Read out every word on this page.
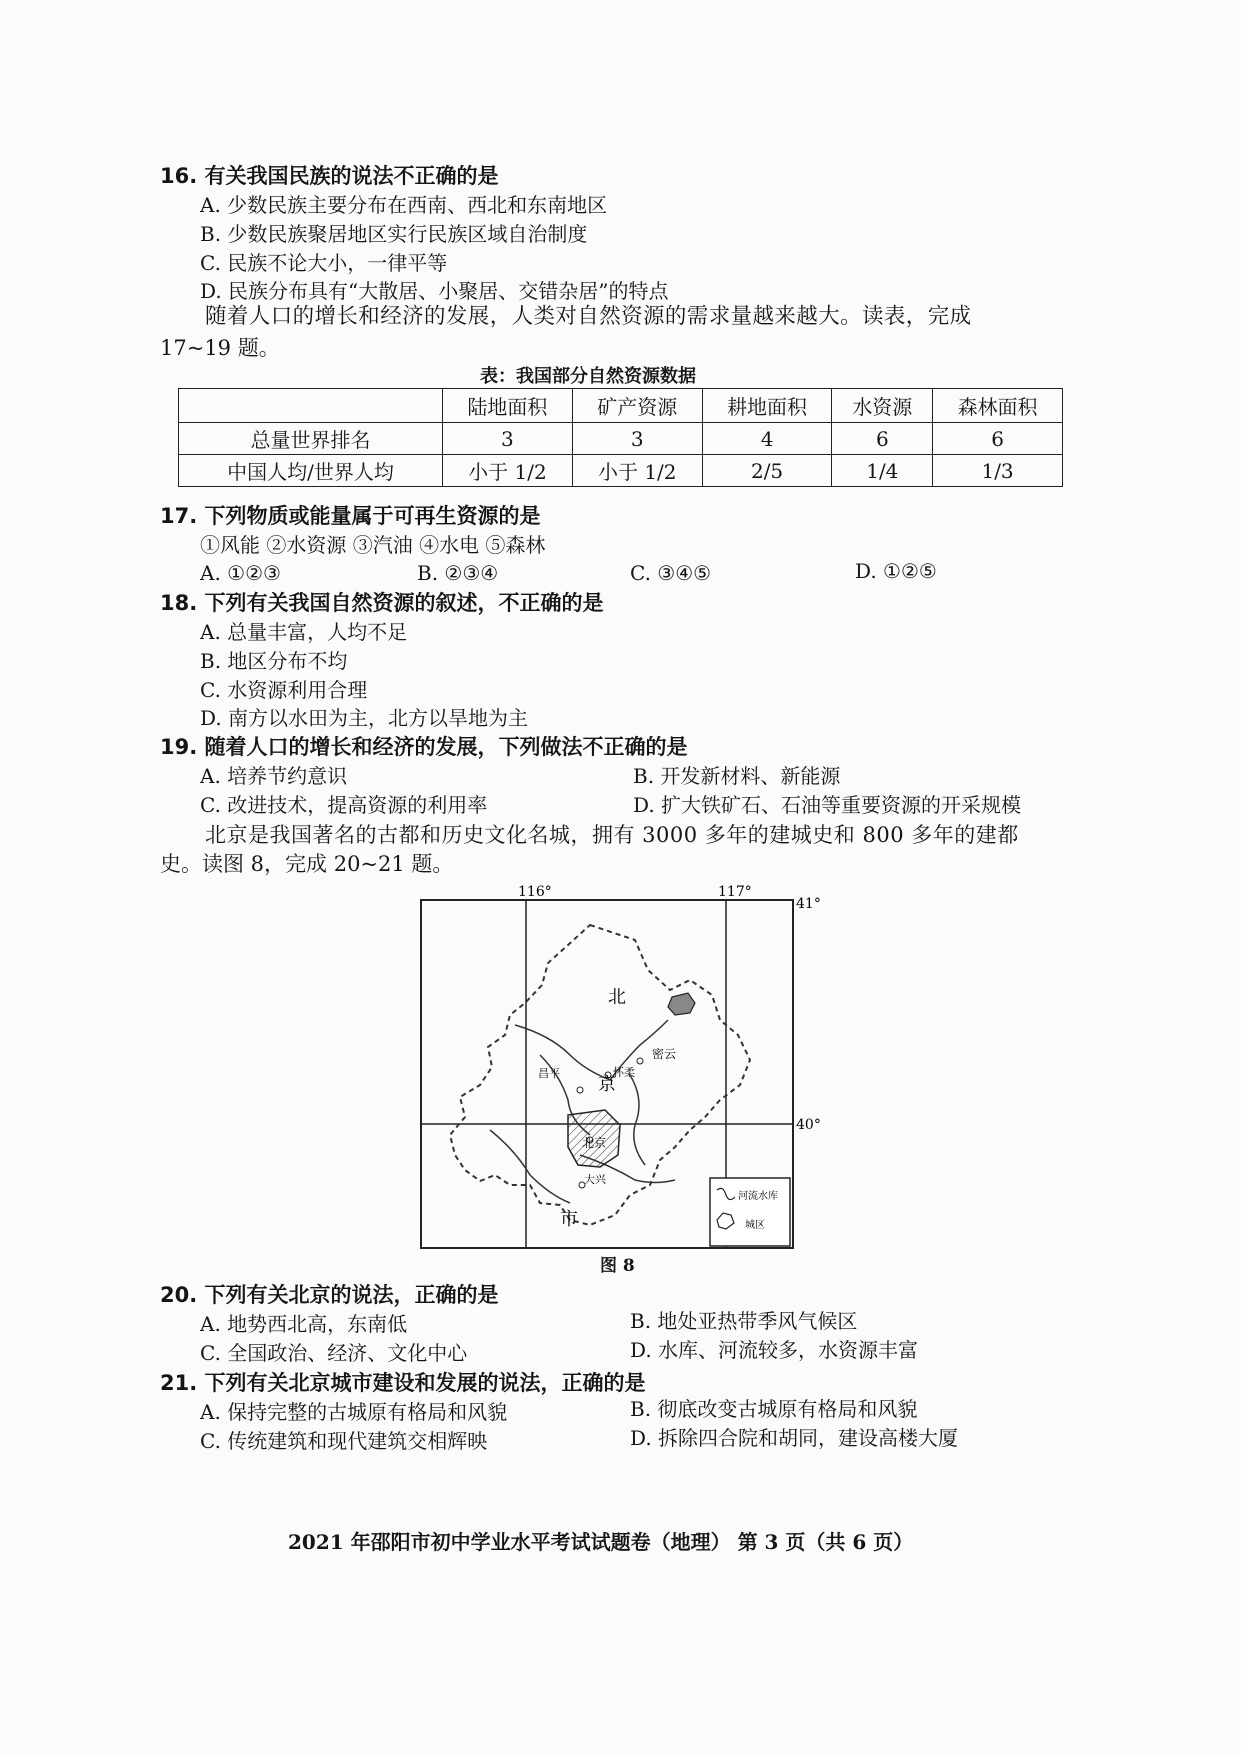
16. 有关我国民族的说法不正确的是
A. 少数民族主要分布在西南、西北和东南地区
B. 少数民族聚居地区实行民族区域自治制度
C. 民族不论大小，一律平等
D. 民族分布具有“大散居、小聚居、交错杂居”的特点
随着人口的增长和经济的发展，人类对自然资源的需求量越来越大。读表，完成
17~19 题。
表：我国部分自然资源数据
	陆地面积	矿产资源	耕地面积	水资源	森林面积
总量世界排名	3	3	4	6	6
中国人均/世界人均	小于 1/2	小于 1/2	2/5	1/4	1/3
17. 下列物质或能量属于可再生资源的是
①风能 ②水资源 ③汽油 ④水电 ⑤森林
A. ①②③	B. ②③④	C. ③④⑤	D. ①②⑤
18. 下列有关我国自然资源的叙述，不正确的是
A. 总量丰富，人均不足
B. 地区分布不均
C. 水资源利用合理
D. 南方以水田为主，北方以旱地为主
19. 随着人口的增长和经济的发展，下列做法不正确的是
A. 培养节约意识	B. 开发新材料、新能源
C. 改进技术，提高资源的利用率	D. 扩大铁矿石、石油等重要资源的开采规模
北京是我国著名的古都和历史文化名城，拥有 3000 多年的建城史和 800 多年的建都
史。读图 8，完成 20~21 题。
116°	117°
41°
40°
北
京
市
密云
怀柔
昌平
北京
大兴
河流水库
城区
图 8
20. 下列有关北京的说法，正确的是
A. 地势西北高，东南低	B. 地处亚热带季风气候区
C. 全国政治、经济、文化中心	D. 水库、河流较多，水资源丰富
21. 下列有关北京城市建设和发展的说法，正确的是
A. 保持完整的古城原有格局和风貌	B. 彻底改变古城原有格局和风貌
C. 传统建筑和现代建筑交相辉映	D. 拆除四合院和胡同，建设高楼大厦
2021 年邵阳市初中学业水平考试试题卷（地理） 第 3 页（共 6 页）
